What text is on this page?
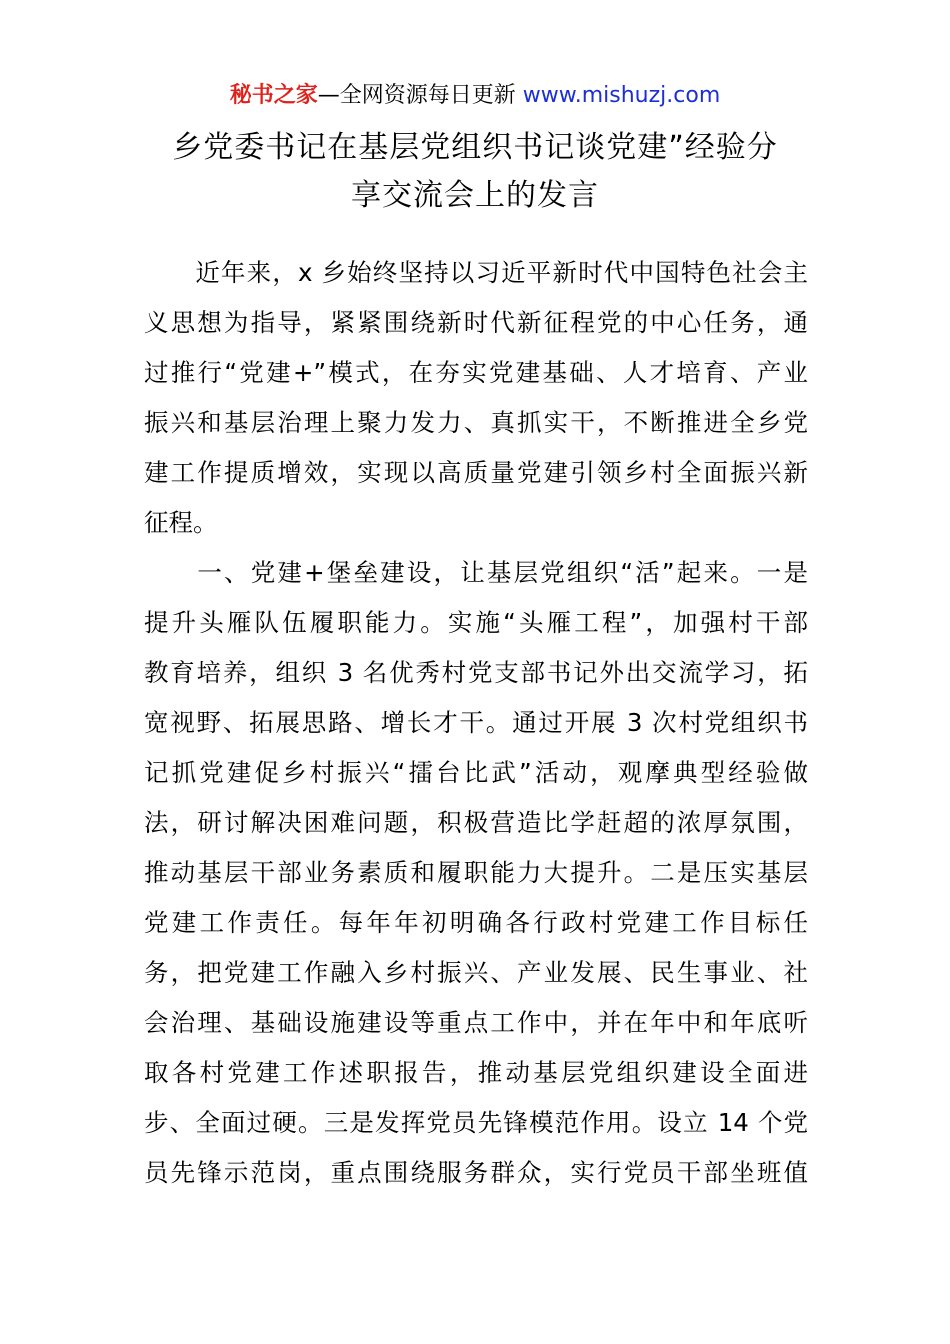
秘书之家—全网资源每日更新 www.mishuzj.com
乡党委书记在基层党组织书记谈党建”经验分
享交流会上的发言
　　近年来，x 乡始终坚持以习近平新时代中国特色社会主
义思想为指导，紧紧围绕新时代新征程党的中心任务，通
过推行“党建+”模式，在夯实党建基础、人才培育、产业
振兴和基层治理上聚力发力、真抓实干，不断推进全乡党
建工作提质增效，实现以高质量党建引领乡村全面振兴新
征程。
　　一、党建+堡垒建设，让基层党组织“活”起来。一是
提升头雁队伍履职能力。实施“头雁工程”，加强村干部
教育培养，组织 3 名优秀村党支部书记外出交流学习，拓
宽视野、拓展思路、增长才干。通过开展 3 次村党组织书
记抓党建促乡村振兴“擂台比武”活动，观摩典型经验做
法，研讨解决困难问题，积极营造比学赶超的浓厚氛围，
推动基层干部业务素质和履职能力大提升。二是压实基层
党建工作责任。每年年初明确各行政村党建工作目标任
务，把党建工作融入乡村振兴、产业发展、民生事业、社
会治理、基础设施建设等重点工作中，并在年中和年底听
取各村党建工作述职报告，推动基层党组织建设全面进
步、全面过硬。三是发挥党员先锋模范作用。设立 14 个党
员先锋示范岗，重点围绕服务群众，实行党员干部坐班值
